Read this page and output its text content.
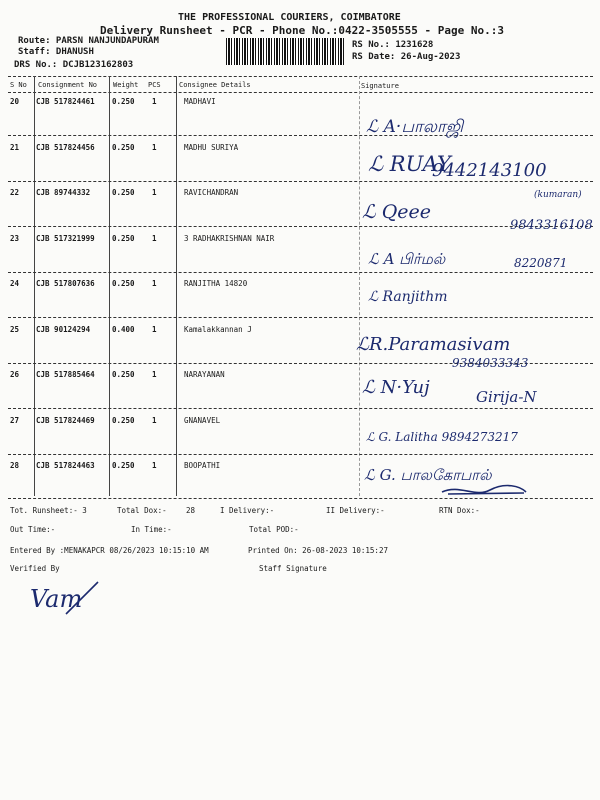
THE PROFESSIONAL COURIERS, COIMBATORE
Delivery Runsheet - PCR - Phone No.:0422-3505555 - Page No.:3
Route: PARSN NANJUNDAPURAM
Staff: DHANUSH
DRS No.: DCJB123162803
RS No.: 1231628
RS Date: 26-Aug-2023
S No Consignment No Weight PCS	Consignee Details	Signature
20 CJB 517824461 0.250 1	MADHAVI
21 CJB 517824456 0.250 1	MADHU SURIYA
22 CJB 89744332	0.250 1	RAVICHANDRAN
23 CJB 517321999 0.250 1	3 RADHAKRISHNAN NAIR
24 CJB 517807636 0.250 1	RANJITHA 14820
25 CJB 90124294	0.400 1	Kamalakkannan J
26 CJB 517885464 0.250 1	NARAYANAN
27 CJB 517824469 0.250 1	GNANAVEL
28 CJB 517824463 0.250 1	BOOPATHI
ℒ A·பாலாஜி
ℒ RUAY
9442143100
ℒ Qeee
(kumaran)
9843316108
ℒ A பிர்மல்	8220871
ℒ Ranjithm
ℒR.Paramasivam
9384033343
ℒ N·Yuj	Girija-N
ℒ G. Lalitha 9894273217
ℒ G. பாலகோபால்
Tot. Runsheet:- 3	Total Dox:-	28	I Delivery:-	II Delivery:-	RTN Dox:-
Out Time:-	In Time:-	Total POD:-
Entered By :MENAKAPCR 08/26/2023 10:15:10 AM	Printed On: 26-08-2023 10:15:27
Verified By	Staff Signature
Vam
